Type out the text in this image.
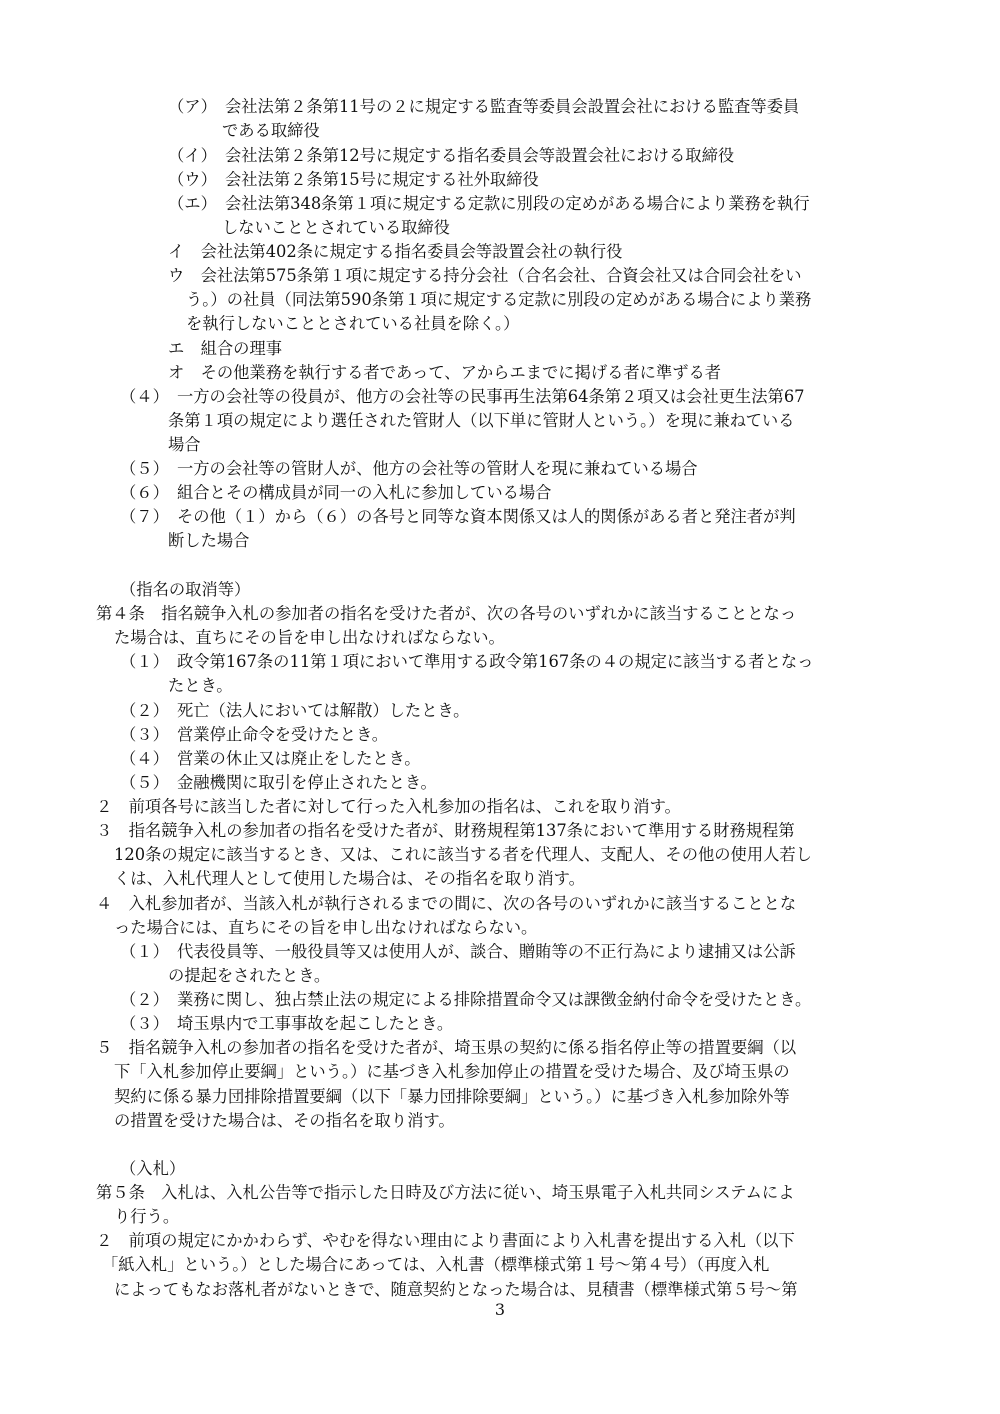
（ア）　会社法第２条第11号の２に規定する監査等委員会設置会社における監査等委員
である取締役
（イ）　会社法第２条第12号に規定する指名委員会等設置会社における取締役
（ウ）　会社法第２条第15号に規定する社外取締役
（エ）　会社法第348条第１項に規定する定款に別段の定めがある場合により業務を執行
しないこととされている取締役
イ　会社法第402条に規定する指名委員会等設置会社の執行役
ウ　会社法第575条第１項に規定する持分会社（合名会社、合資会社又は合同会社をい
う。）の社員（同法第590条第１項に規定する定款に別段の定めがある場合により業務
を執行しないこととされている社員を除く。）
エ　組合の理事
オ　その他業務を執行する者であって、アからエまでに掲げる者に準ずる者
（４）　一方の会社等の役員が、他方の会社等の民事再生法第64条第２項又は会社更生法第67
条第１項の規定により選任された管財人（以下単に管財人という。）を現に兼ねている
場合
（５）　一方の会社等の管財人が、他方の会社等の管財人を現に兼ねている場合
（６）　組合とその構成員が同一の入札に参加している場合
（７）　その他（１）から（６）の各号と同等な資本関係又は人的関係がある者と発注者が判
断した場合
（指名の取消等）
第４条　指名競争入札の参加者の指名を受けた者が、次の各号のいずれかに該当することとなっ
た場合は、直ちにその旨を申し出なければならない。
（１）　政令第167条の11第１項において準用する政令第167条の４の規定に該当する者となっ
たとき。
（２）　死亡（法人においては解散）したとき。
（３）　営業停止命令を受けたとき。
（４）　営業の休止又は廃止をしたとき。
（５）　金融機関に取引を停止されたとき。
２　前項各号に該当した者に対して行った入札参加の指名は、これを取り消す。
３　指名競争入札の参加者の指名を受けた者が、財務規程第137条において準用する財務規程第
120条の規定に該当するとき、又は、これに該当する者を代理人、支配人、その他の使用人若し
くは、入札代理人として使用した場合は、その指名を取り消す。
４　入札参加者が、当該入札が執行されるまでの間に、次の各号のいずれかに該当することとな
った場合には、直ちにその旨を申し出なければならない。
（１）　代表役員等、一般役員等又は使用人が、談合、贈賄等の不正行為により逮捕又は公訴
の提起をされたとき。
（２）　業務に関し、独占禁止法の規定による排除措置命令又は課徴金納付命令を受けたとき。
（３）　埼玉県内で工事事故を起こしたとき。
５　指名競争入札の参加者の指名を受けた者が、埼玉県の契約に係る指名停止等の措置要綱（以
下「入札参加停止要綱」という。）に基づき入札参加停止の措置を受けた場合、及び埼玉県の
契約に係る暴力団排除措置要綱（以下「暴力団排除要綱」という。）に基づき入札参加除外等
の措置を受けた場合は、その指名を取り消す。
（入札）
第５条　入札は、入札公告等で指示した日時及び方法に従い、埼玉県電子入札共同システムによ
り行う。
２　前項の規定にかかわらず、やむを得ない理由により書面により入札書を提出する入札（以下
「紙入札」という。）とした場合にあっては、入札書（標準様式第１号～第４号）（再度入札
によってもなお落札者がないときで、随意契約となった場合は、見積書（標準様式第５号～第
3
